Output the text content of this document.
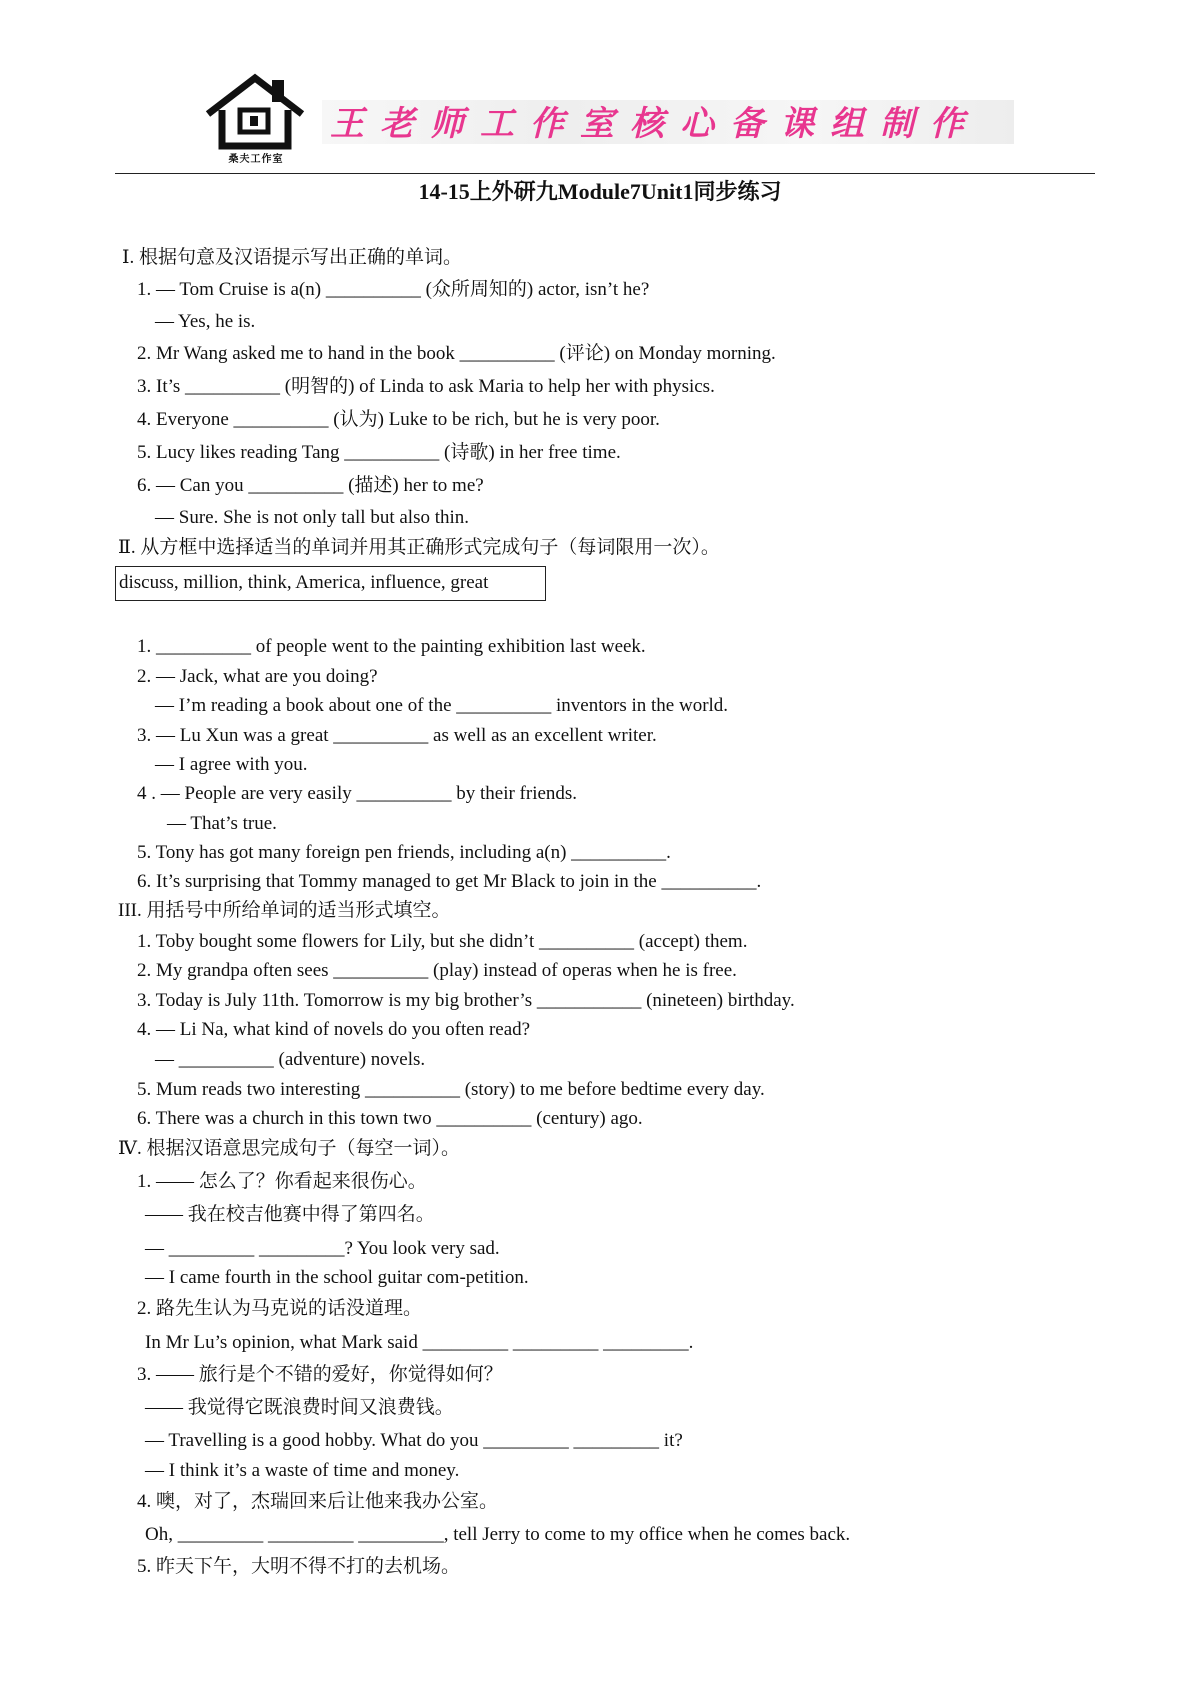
桑夫工作室
王老师工作室核心备课组制作
14-15上外研九Module7Unit1同步练习
Ⅰ. 根据句意及汉语提示写出正确的单词。
1. — Tom Cruise is a(n) __________ (众所周知的) actor, isn’t he?
— Yes, he is.
2. Mr Wang asked me to hand in the book __________ (评论) on Monday morning.
3. It’s __________ (明智的) of Linda to ask Maria to help her with physics.
4. Everyone __________ (认为) Luke to be rich, but he is very poor.
5. Lucy likes reading Tang __________ (诗歌) in her free time.
6. — Can you __________ (描述) her to me?
— Sure. She is not only tall but also thin.
Ⅱ. 从方框中选择适当的单词并用其正确形式完成句子（每词限用一次）。
discuss, million, think, America, influence, great
1. __________ of people went to the painting exhibition last week.
2. — Jack, what are you doing?
— I’m reading a book about one of the __________ inventors in the world.
3. — Lu Xun was a great __________ as well as an excellent writer.
— I agree with you.
4 . — People are very easily __________ by their friends.
— That’s true.
5. Tony has got many foreign pen friends, including a(n) __________.
6. It’s surprising that Tommy managed to get Mr Black to join in the __________.
III. 用括号中所给单词的适当形式填空。
1. Toby bought some flowers for Lily, but she didn’t __________ (accept) them.
2. My grandpa often sees __________ (play) instead of operas when he is free.
3. Today is July 11th. Tomorrow is my big brother’s ___________ (nineteen) birthday.
4. — Li Na, what kind of novels do you often read?
— __________ (adventure) novels.
5. Mum reads two interesting __________ (story) to me before bedtime every day.
6. There was a church in this town two __________ (century) ago.
Ⅳ. 根据汉语意思完成句子（每空一词）。
1. —— 怎么了？你看起来很伤心。
—— 我在校吉他赛中得了第四名。
— _________ _________? You look very sad.
— I came fourth in the school guitar com-petition.
2. 路先生认为马克说的话没道理。
In Mr Lu’s opinion, what Mark said _________ _________ _________.
3. —— 旅行是个不错的爱好，你觉得如何？
—— 我觉得它既浪费时间又浪费钱。
— Travelling is a good hobby. What do you _________ _________ it?
— I think it’s a waste of time and money.
4. 噢，对了，杰瑞回来后让他来我办公室。
Oh, _________ _________ _________, tell Jerry to come to my office when he comes back.
5. 昨天下午，大明不得不打的去机场。
